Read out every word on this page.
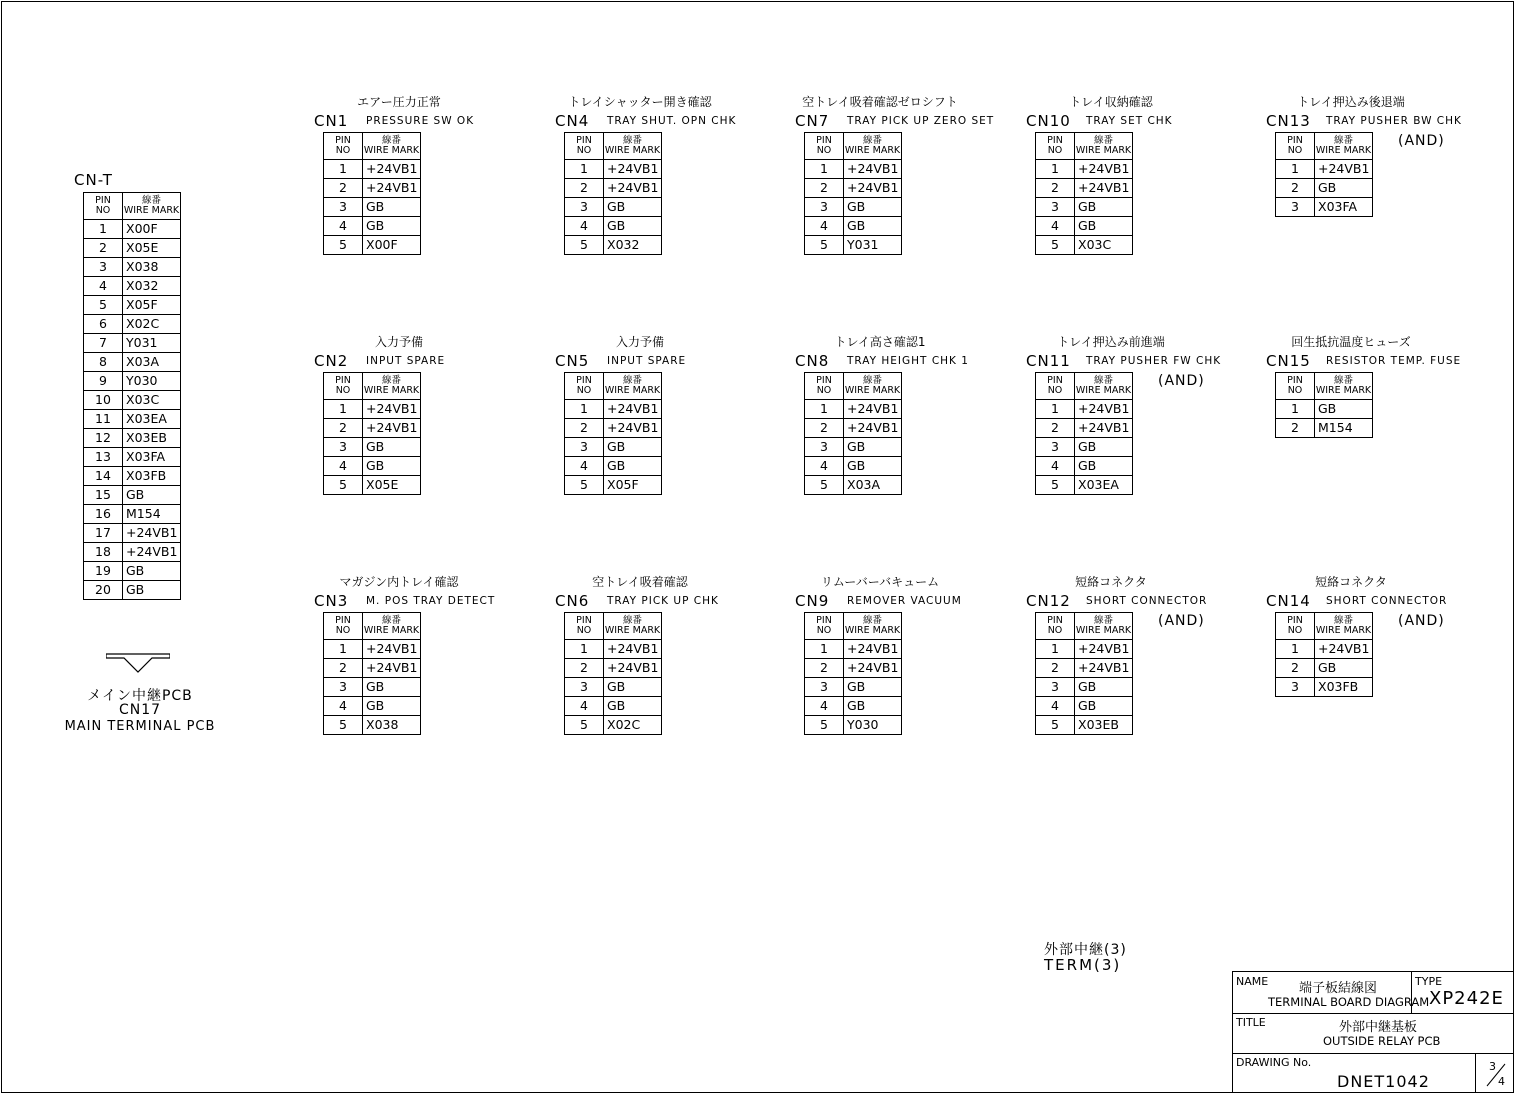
CN-T
PIN
NO	線番
WIRE MARK

1	X00F
2	X05E
3	X038
4	X032
5	X05F
6	X02C
7	Y031
8	X03A
9	Y030
10	X03C
11	X03EA
12	X03EB
13	X03FA
14	X03FB
15	GB
16	M154
17	+24VB1
18	+24VB1
19	GB
20	GB
メイン中継PCB
CN17
MAIN TERMINAL PCB
エアー圧力正常
CN1 PRESSURE SW OK
PIN
NO	線番
WIRE MARK

1	+24VB1
2	+24VB1
3	GB
4	GB
5	X00F
トレイシャッター開き確認
CN4 TRAY SHUT. OPN CHK
PIN
NO	線番
WIRE MARK

1	+24VB1
2	+24VB1
3	GB
4	GB
5	X032
空トレイ吸着確認ゼロシフト
CN7 TRAY PICK UP ZERO SET
PIN
NO	線番
WIRE MARK

1	+24VB1
2	+24VB1
3	GB
4	GB
5	Y031
トレイ収納確認
CN10 TRAY SET CHK
PIN
NO	線番
WIRE MARK

1	+24VB1
2	+24VB1
3	GB
4	GB
5	X03C
トレイ押込み後退端
CN13 TRAY PUSHER BW CHK
(AND)
PIN
NO	線番
WIRE MARK

1	+24VB1
2	GB
3	X03FA
入力予備
CN2 INPUT SPARE
PIN
NO	線番
WIRE MARK

1	+24VB1
2	+24VB1
3	GB
4	GB
5	X05E
入力予備
CN5 INPUT SPARE
PIN
NO	線番
WIRE MARK

1	+24VB1
2	+24VB1
3	GB
4	GB
5	X05F
トレイ高さ確認1
CN8 TRAY HEIGHT CHK 1
PIN
NO	線番
WIRE MARK

1	+24VB1
2	+24VB1
3	GB
4	GB
5	X03A
トレイ押込み前進端
CN11 TRAY PUSHER FW CHK
(AND)
PIN
NO	線番
WIRE MARK

1	+24VB1
2	+24VB1
3	GB
4	GB
5	X03EA
回生抵抗温度ヒューズ
CN15 RESISTOR TEMP. FUSE
PIN
NO	線番
WIRE MARK

1	GB
2	M154
マガジン内トレイ確認
CN3 M. POS TRAY DETECT
PIN
NO	線番
WIRE MARK

1	+24VB1
2	+24VB1
3	GB
4	GB
5	X038
空トレイ吸着確認
CN6 TRAY PICK UP CHK
PIN
NO	線番
WIRE MARK

1	+24VB1
2	+24VB1
3	GB
4	GB
5	X02C
リムーバーバキューム
CN9 REMOVER VACUUM
PIN
NO	線番
WIRE MARK

1	+24VB1
2	+24VB1
3	GB
4	GB
5	Y030
短絡コネクタ
CN12 SHORT CONNECTOR
(AND)
PIN
NO	線番
WIRE MARK

1	+24VB1
2	+24VB1
3	GB
4	GB
5	X03EB
短絡コネクタ
CN14 SHORT CONNECTOR
(AND)
PIN
NO	線番
WIRE MARK

1	+24VB1
2	GB
3	X03FB
外部中継(3)
TERM(3)
NAME 端子板結線図
TERMINAL BOARD DIAGRAM
TYPE
XP242E
TITLE	外部中継基板
OUTSIDE RELAY PCB
DRAWING No.
DNET1042
3
4
